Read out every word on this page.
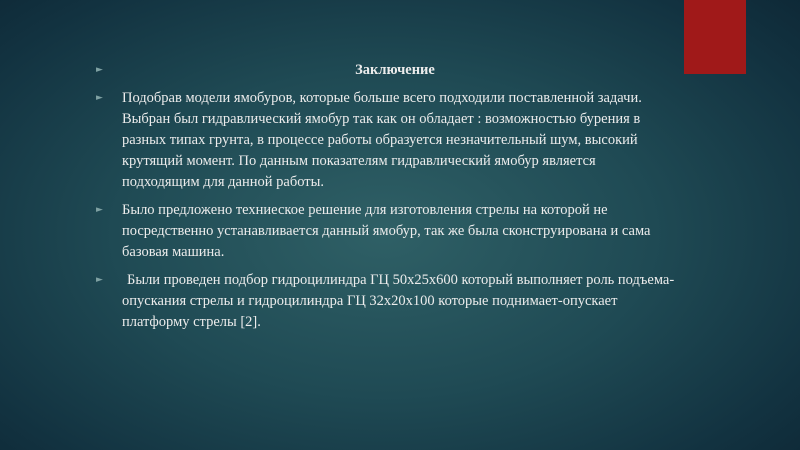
►	Заключение
► Подобрав модели ямобуров, которые больше всего подходили поставленной задачи. Выбран был гидравлический ямобур так как он обладает : возможностью бурения в разных типах грунта, в процессе работы образуется незначительный шум, высокий крутящий момент. По данным показателям гидравлический ямобур является подходящим для данной работы.
► Было предложено техниеское решение для изготовления стрелы на которой не посредственно устанавливается данный ямобур, так же была сконструирована и сама базовая машина.
► Были проведен подбор гидроцилиндра ГЦ 50х25х600 который выполняет роль подъема-опускания стрелы и гидроцилиндра ГЦ 32х20х100 которые поднимает-опускает платформу стрелы [2].
